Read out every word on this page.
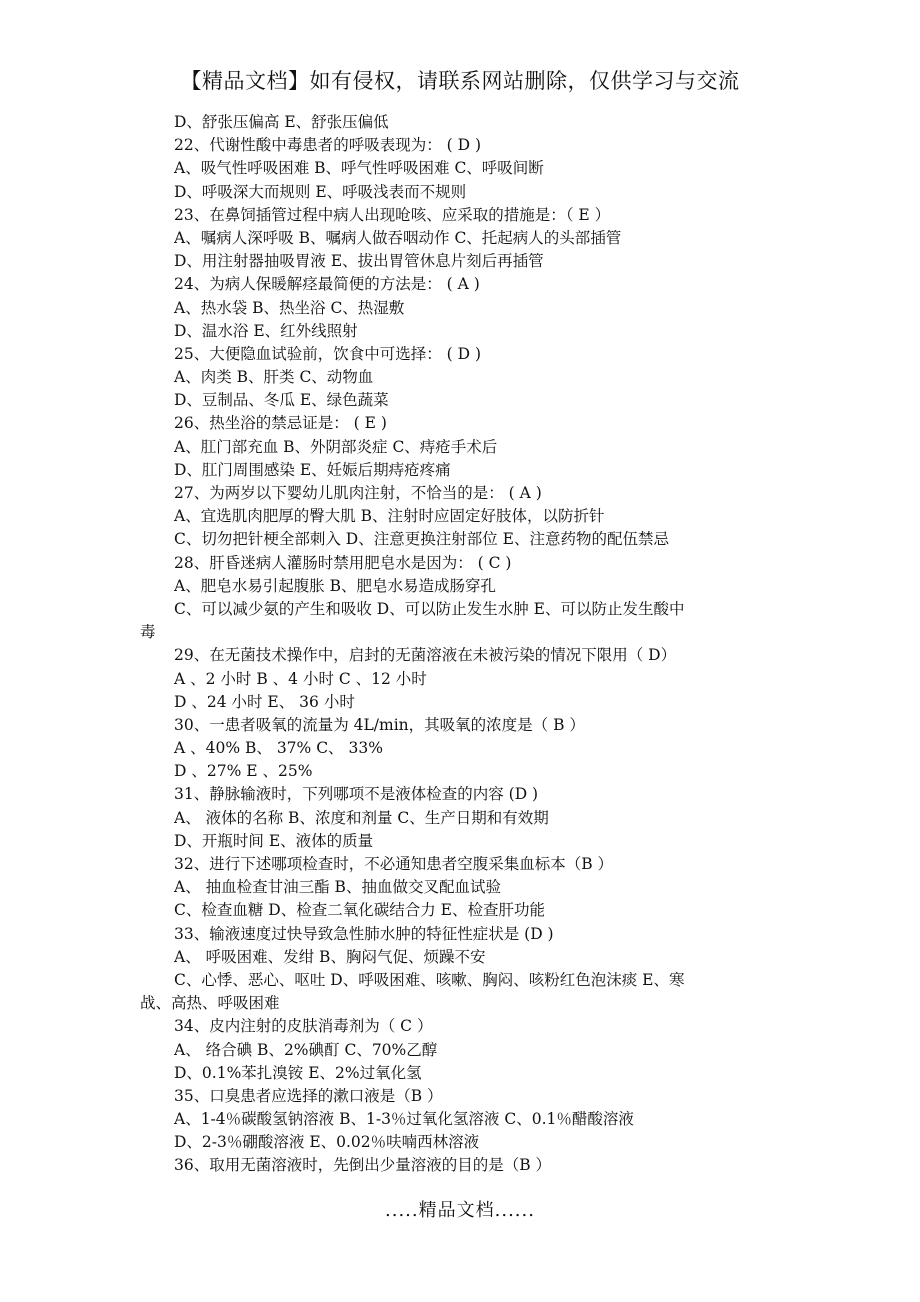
【精品文档】如有侵权，请联系网站删除，仅供学习与交流
D、舒张压偏高 E、舒张压偏低
22、代谢性酸中毒患者的呼吸表现为： ( D )
A、吸气性呼吸困难 B、呼气性呼吸困难 C、呼吸间断
D、呼吸深大而规则 E、呼吸浅表而不规则
23、在鼻饲插管过程中病人出现呛咳、应采取的措施是：（ E ）
A、嘱病人深呼吸 B、嘱病人做吞咽动作 C、托起病人的头部插管
D、用注射器抽吸胃液 E、拔出胃管休息片刻后再插管
24、为病人保暖解痉最简便的方法是： ( A )
A、热水袋 B、热坐浴 C、热湿敷
D、温水浴 E、红外线照射
25、大便隐血试验前，饮食中可选择： ( D )
A、肉类 B、肝类 C、动物血
D、豆制品、冬瓜 E、绿色蔬菜
26、热坐浴的禁忌证是： ( E )
A、肛门部充血 B、外阴部炎症 C、痔疮手术后
D、肛门周围感染 E、妊娠后期痔疮疼痛
27、为两岁以下婴幼儿肌肉注射，不恰当的是： ( A )
A、宜选肌肉肥厚的臀大肌 B、注射时应固定好肢体，以防折针
C、切勿把针梗全部刺入 D、注意更换注射部位 E、注意药物的配伍禁忌
28、肝昏迷病人灌肠时禁用肥皂水是因为： ( C )
A、肥皂水易引起腹胀 B、肥皂水易造成肠穿孔
C、可以减少氨的产生和吸收 D、可以防止发生水肿 E、可以防止发生酸中
毒
29、在无菌技术操作中，启封的无菌溶液在未被污染的情况下限用（ D）
A 、2 小时 B 、4 小时 C 、12 小时
D 、24 小时 E、 36 小时
30、一患者吸氧的流量为 4L/min，其吸氧的浓度是（ B ）
A 、40% B、 37% C、 33%
D 、27% E 、25%
31、静脉输液时，下列哪项不是液体检查的内容 (D )
A、 液体的名称 B、浓度和剂量 C、生产日期和有效期
D、开瓶时间 E、液体的质量
32、进行下述哪项检查时，不必通知患者空腹采集血标本（B ）
A、 抽血检查甘油三酯 B、抽血做交叉配血试验
C、检查血糖 D、检查二氧化碳结合力 E、检查肝功能
33、输液速度过快导致急性肺水肿的特征性症状是 (D )
A、 呼吸困难、发绀 B、胸闷气促、烦躁不安
C、心悸、恶心、呕吐 D、呼吸困难、咳嗽、胸闷、咳粉红色泡沫痰 E、寒
战、高热、呼吸困难
34、皮内注射的皮肤消毒剂为（ C ）
A、 络合碘 B、2%碘酊 C、70%乙醇
D、0.1%苯扎溴铵 E、2%过氧化氢
35、口臭患者应选择的漱口液是（B ）
A、1-4％碳酸氢钠溶液 B、1-3％过氧化氢溶液 C、0.1％醋酸溶液
D、2-3％硼酸溶液 E、0.02％呋喃西林溶液
36、取用无菌溶液时，先倒出少量溶液的目的是（B ）
.....精品文档......
